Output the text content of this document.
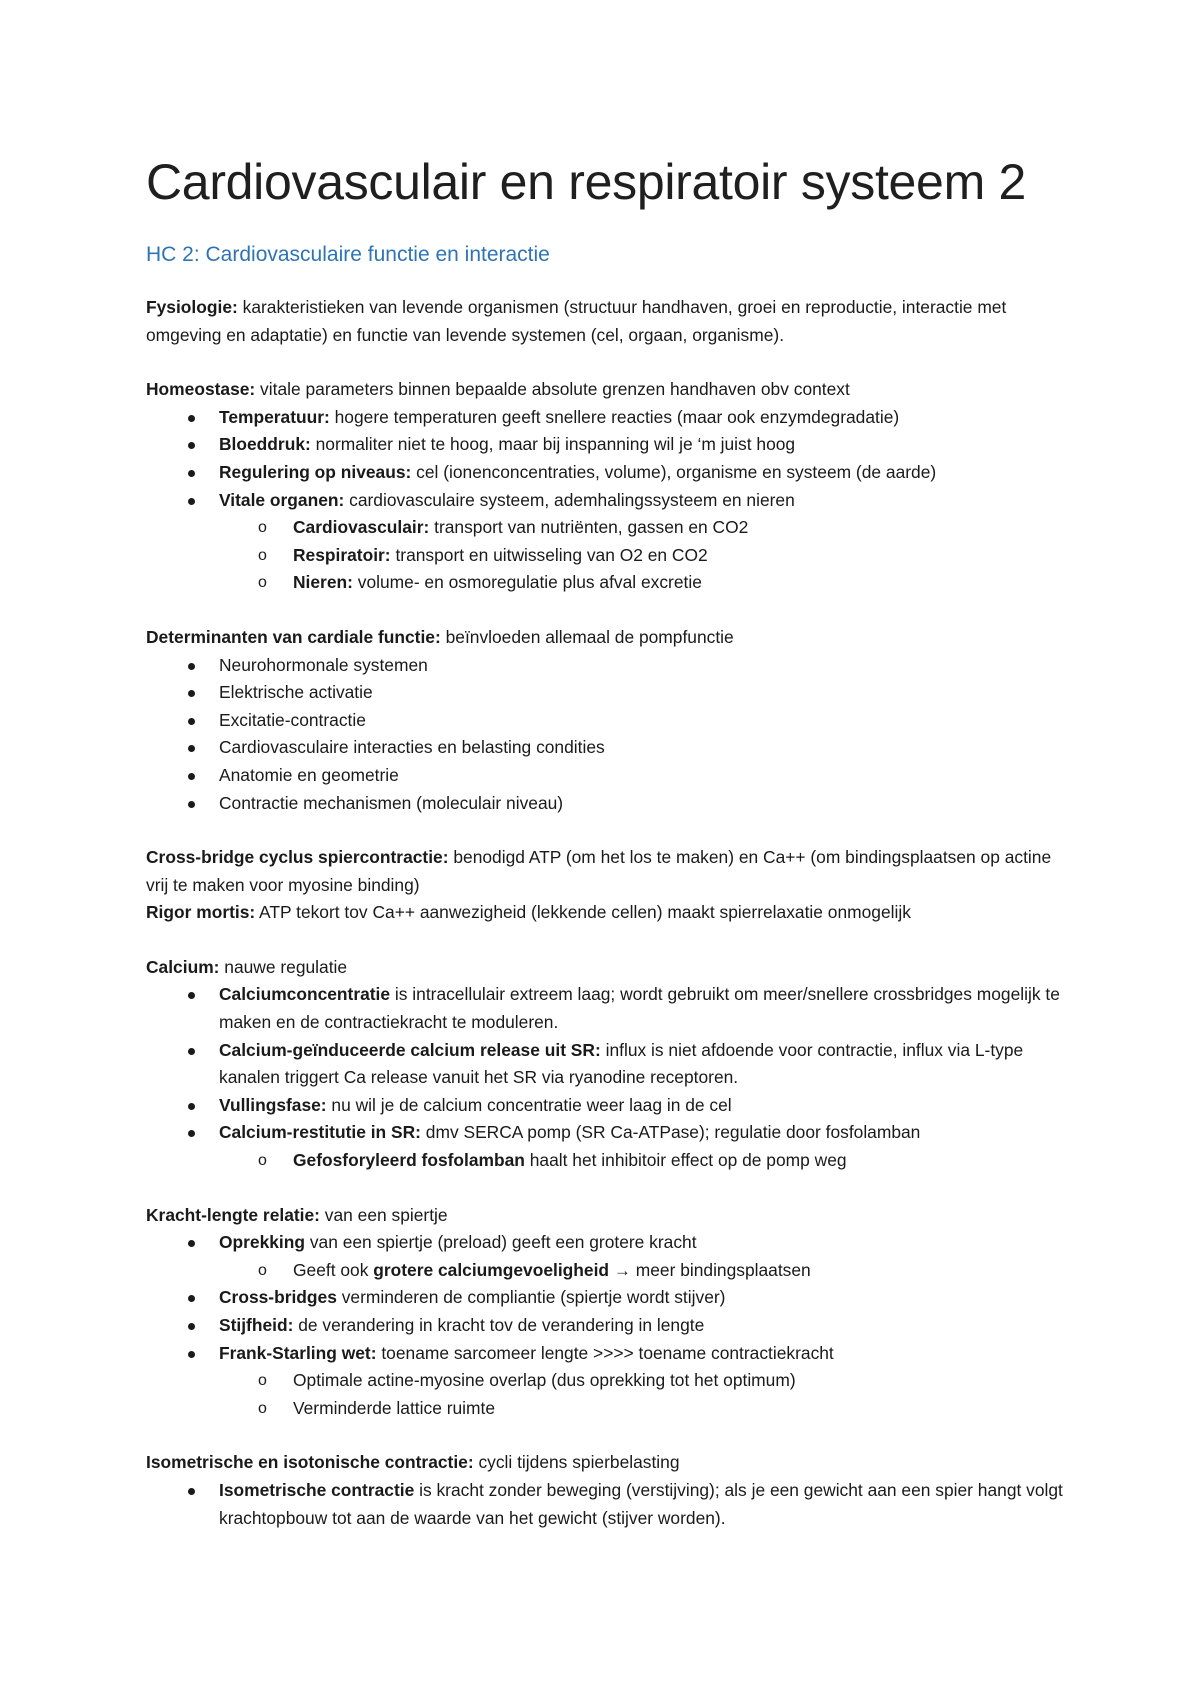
Cardiovasculair en respiratoir systeem 2
HC 2: Cardiovasculaire functie en interactie

Fysiologie: karakteristieken van levende organismen (structuur handhaven, groei en reproductie, interactie met omgeving en adaptatie) en functie van levende systemen (cel, orgaan, organisme).

Homeostase: vitale parameters binnen bepaalde absolute grenzen handhaven obv context

Temperatuur: hogere temperaturen geeft snellere reacties (maar ook enzymdegradatie)
Bloeddruk: normaliter niet te hoog, maar bij inspanning wil je ‘m juist hoog
Regulering op niveaus: cel (ionenconcentraties, volume), organisme en systeem (de aarde)
Vitale organen: cardiovasculaire systeem, ademhalingssysteem en nieren
o Cardiovasculair: transport van nutriënten, gassen en CO2
o Respiratoir: transport en uitwisseling van O2 en CO2
o Nieren: volume- en osmoregulatie plus afval excretie

Determinanten van cardiale functie: beïnvloeden allemaal de pompfunctie

Neurohormonale systemen
Elektrische activatie
Excitatie-contractie
Cardiovasculaire interacties en belasting condities
Anatomie en geometrie
Contractie mechanismen (moleculair niveau)

Cross-bridge cyclus spiercontractie: benodigd ATP (om het los te maken) en Ca++ (om bindingsplaatsen op actine vrij te maken voor myosine binding)

Rigor mortis: ATP tekort tov Ca++ aanwezigheid (lekkende cellen) maakt spierrelaxatie onmogelijk

Calcium: nauwe regulatie

Calciumconcentratie is intracellulair extreem laag; wordt gebruikt om meer/snellere crossbridges mogelijk te maken en de contractiekracht te moduleren.
Calcium-geïnduceerde calcium release uit SR: influx is niet afdoende voor contractie, influx via L-type kanalen triggert Ca release vanuit het SR via ryanodine receptoren.
Vullingsfase: nu wil je de calcium concentratie weer laag in de cel
Calcium-restitutie in SR: dmv SERCA pomp (SR Ca-ATPase); regulatie door fosfolamban
o Gefosforyleerd fosfolamban haalt het inhibitoir effect op de pomp weg

Kracht-lengte relatie: van een spiertje

Oprekking van een spiertje (preload) geeft een grotere kracht
o Geeft ook grotere calciumgevoeligheid → meer bindingsplaatsen
Cross-bridges verminderen de compliantie (spiertje wordt stijver)
Stijfheid: de verandering in kracht tov de verandering in lengte
Frank-Starling wet: toename sarcomeer lengte >>>> toename contractiekracht
o Optimale actine-myosine overlap (dus oprekking tot het optimum)
o Verminderde lattice ruimte

Isometrische en isotonische contractie: cycli tijdens spierbelasting

Isometrische contractie is kracht zonder beweging (verstijving); als je een gewicht aan een spier hangt volgt krachtopbouw tot aan de waarde van het gewicht (stijver worden).
